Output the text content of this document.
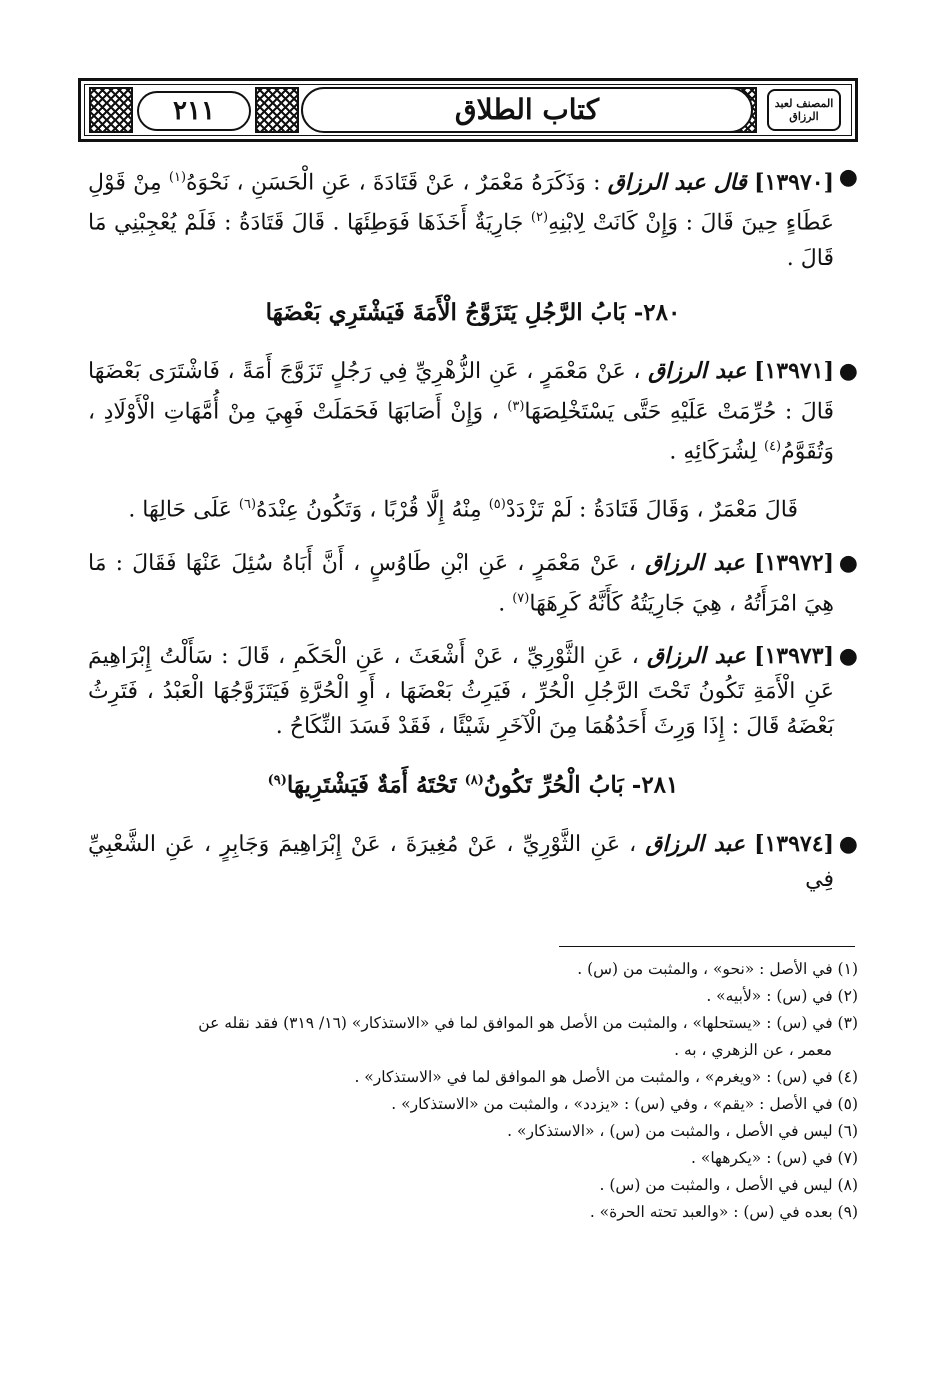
٢١١	كتاب الطلاق	المصنف لعبد الرزاق

●
[١٣٩٧٠] قال عبد الرزاق : وَذَكَرَهُ مَعْمَرٌ ، عَنْ قَتَادَةَ ، عَنِ الْحَسَنِ ، نَحْوَهُ$^{(١)}$ مِنْ قَوْلِ عَطَاءٍ حِينَ قَالَ : وَإِنْ كَانَتْ لِابْنِهِ$^{(٢)}$ جَارِيَةٌ أَخَذَهَا فَوَطِئَهَا . قَالَ قَتَادَةُ : فَلَمْ يُعْجِبْنِي مَا قَالَ .

٢٨٠- بَابُ الرَّجُلِ يَتَزَوَّجُ الْأَمَةَ فَيَشْتَرِي بَعْضَهَا

●
[١٣٩٧١] عبد الرزاق ، عَنْ مَعْمَرٍ ، عَنِ الزُّهْرِيِّ فِي رَجُلٍ تَزَوَّجَ أَمَةً ، فَاشْتَرَى بَعْضَهَا قَالَ : حُرِّمَتْ عَلَيْهِ حَتَّى يَسْتَخْلِصَهَا$^{(٣)}$ ، وَإِنْ أَصَابَهَا فَحَمَلَتْ فَهِيَ مِنْ أُمَّهَاتِ الْأَوْلَادِ ، وَتُقَوَّمُ$^{(٤)}$ لِشُرَكَائِهِ .

قَالَ مَعْمَرٌ ، وَقَالَ قَتَادَةُ : لَمْ تَزْدَدْ$^{(٥)}$ مِنْهُ إِلَّا قُرْبًا ، وَتَكُونُ عِنْدَهُ$^{(٦)}$ عَلَى حَالِهَا .

●
[١٣٩٧٢] عبد الرزاق ، عَنْ مَعْمَرٍ ، عَنِ ابْنِ طَاوُسٍ ، أَنَّ أَبَاهُ سُئِلَ عَنْهَا فَقَالَ : مَا هِيَ امْرَأَتُهُ ، هِيَ جَارِيَتُهُ كَأَنَّهُ كَرِهَهَا$^{(٧)}$ .

●
[١٣٩٧٣] عبد الرزاق ، عَنِ الثَّوْرِيِّ ، عَنْ أَشْعَثَ ، عَنِ الْحَكَمِ ، قَالَ : سَأَلْتُ إِبْرَاهِيمَ عَنِ الْأَمَةِ تَكُونُ تَحْتَ الرَّجُلِ الْحُرِّ ، فَيَرِثُ بَعْضَهَا ، أَوِ الْحُرَّةِ فَيَتَزَوَّجُهَا الْعَبْدُ ، فَتَرِثُ بَعْضَهُ قَالَ : إِذَا وَرِثَ أَحَدُهُمَا مِنَ الْآخَرِ شَيْئًا ، فَقَدْ فَسَدَ النِّكَاحُ .

٢٨١- بَابُ الْحُرِّ تَكُونُ$^{(٨)}$ تَحْتَهُ أَمَةٌ فَيَشْتَرِيهَا$^{(٩)}$

●
[١٣٩٧٤] عبد الرزاق ، عَنِ الثَّوْرِيِّ ، عَنْ مُغِيرَةَ ، عَنْ إِبْرَاهِيمَ وَجَابِرٍ ، عَنِ الشَّعْبِيِّ فِي

(١) في الأصل : «نحو» ، والمثبت من (س) .
(٢) في (س) : «لأبيه» .
(٣) في (س) : «يستحلها» ، والمثبت من الأصل هو الموافق لما في «الاستذكار» (١٦/ ٣١٩) فقد نقله عن
معمر ، عن الزهري ، به .
(٤) في (س) : «ويغرم» ، والمثبت من الأصل هو الموافق لما في «الاستذكار» .
(٥) في الأصل : «يقم» ، وفي (س) : «يزدد» ، والمثبت من «الاستذكار» .
(٦) ليس في الأصل ، والمثبت من (س) ، «الاستذكار» .
(٧) في (س) : «يكرهها» .
(٨) ليس في الأصل ، والمثبت من (س) .
(٩) بعده في (س) : «والعبد تحته الحرة» .
